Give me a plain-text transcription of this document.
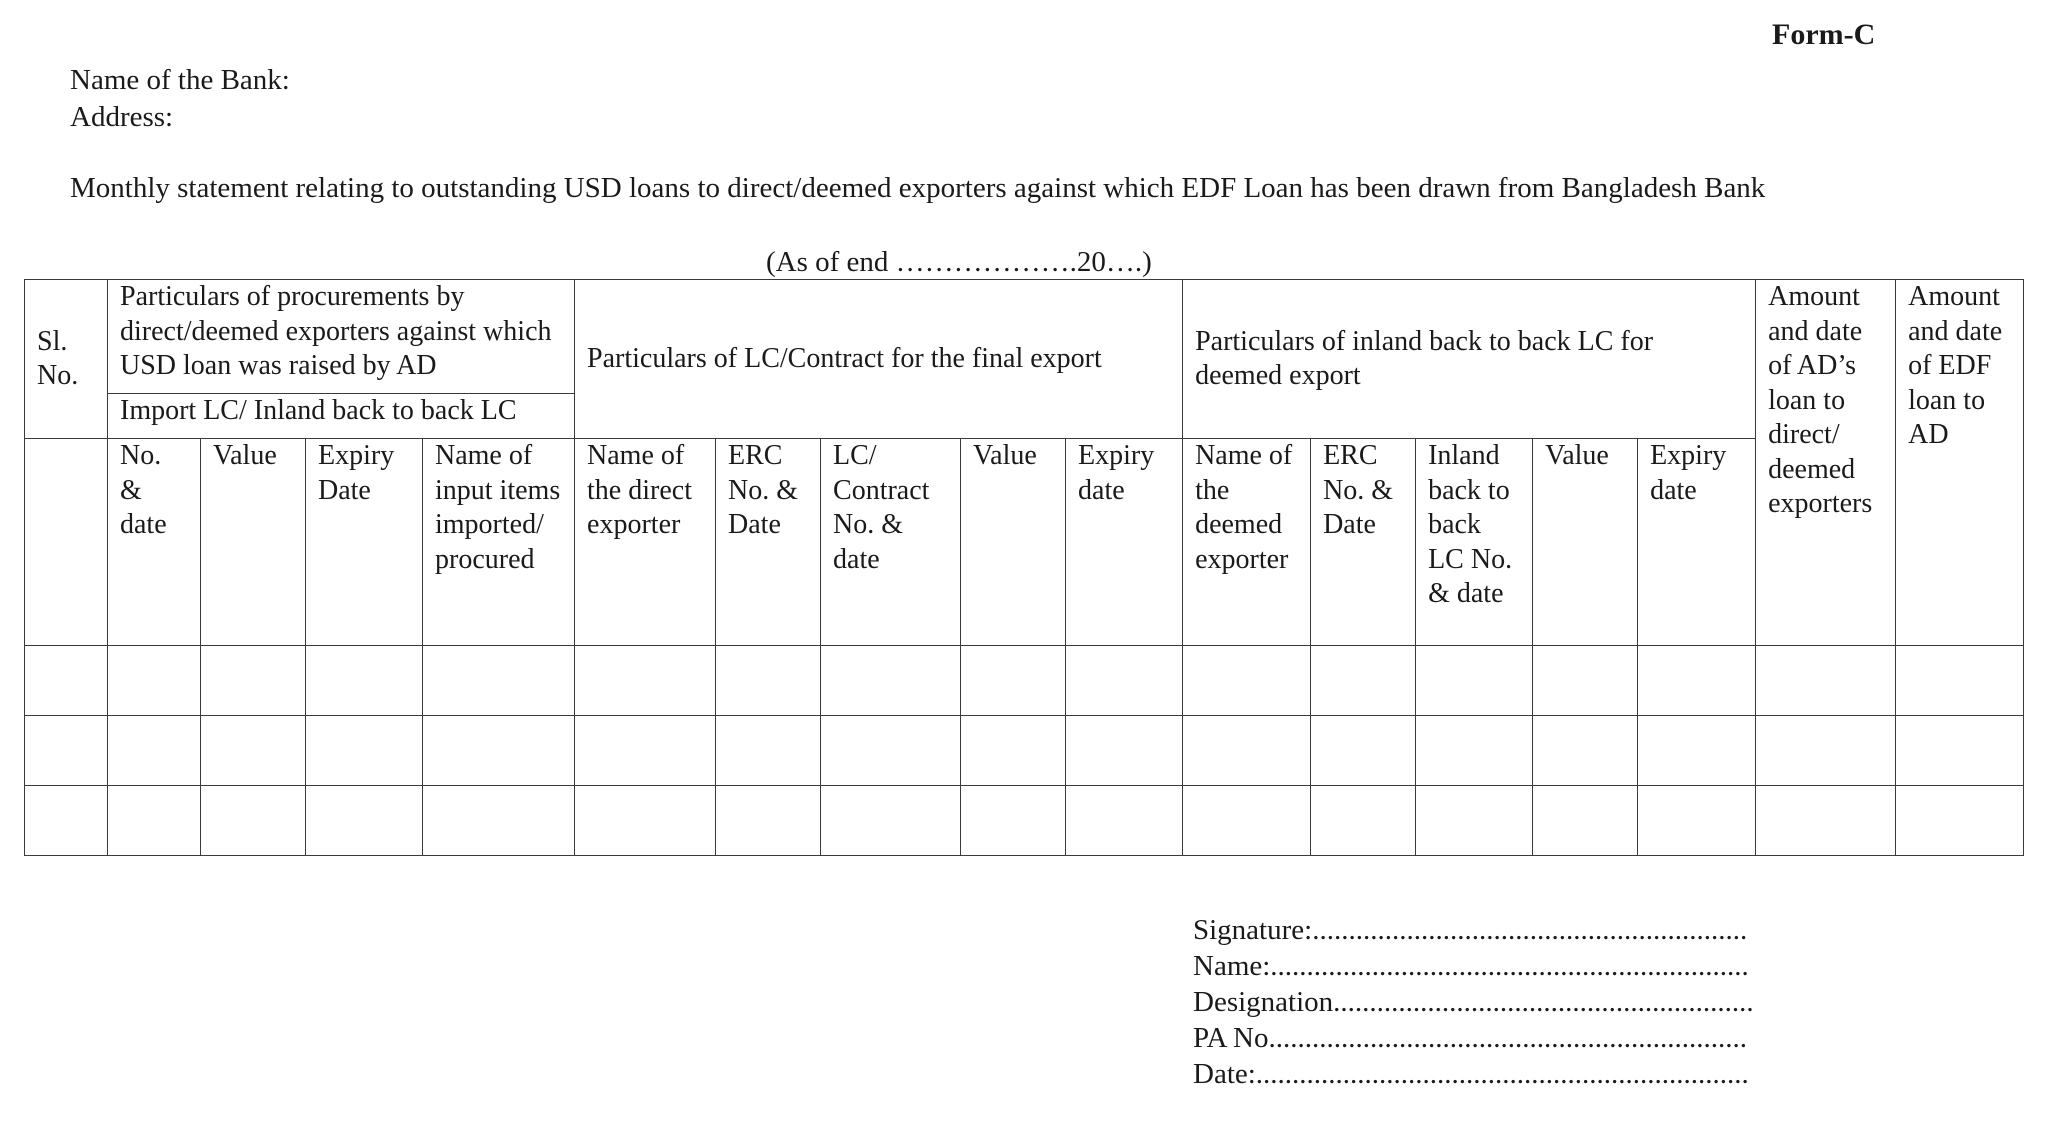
Form-C
Name of the Bank:
Address:
Monthly statement relating to outstanding USD loans to direct/deemed exporters against which EDF Loan has been drawn from Bangladesh Bank
(As of end ……………….20….)
Sl. No.	Particulars of procurements by direct/deemed exporters against which USD loan was raised by AD				Particulars of LC/Contract for the final export					Particulars of inland back to back LC for deemed export					Amount and date of AD’s loan to direct/ deemed exporters	Amount and date of EDF loan to AD
	Import LC/ Inland back to back LC															
	No. & date	Value	Expiry Date	Name of input items imported/ procured	Name of the direct exporter	ERC No. & Date	LC/ Contract No. & date	Value	Expiry date	Name of the deemed exporter	ERC No. & Date	Inland back to back LC No. & date	Value	Expiry date		

Signature:............................................................
Name:..................................................................
Designation..........................................................
PA No..................................................................
Date:....................................................................
